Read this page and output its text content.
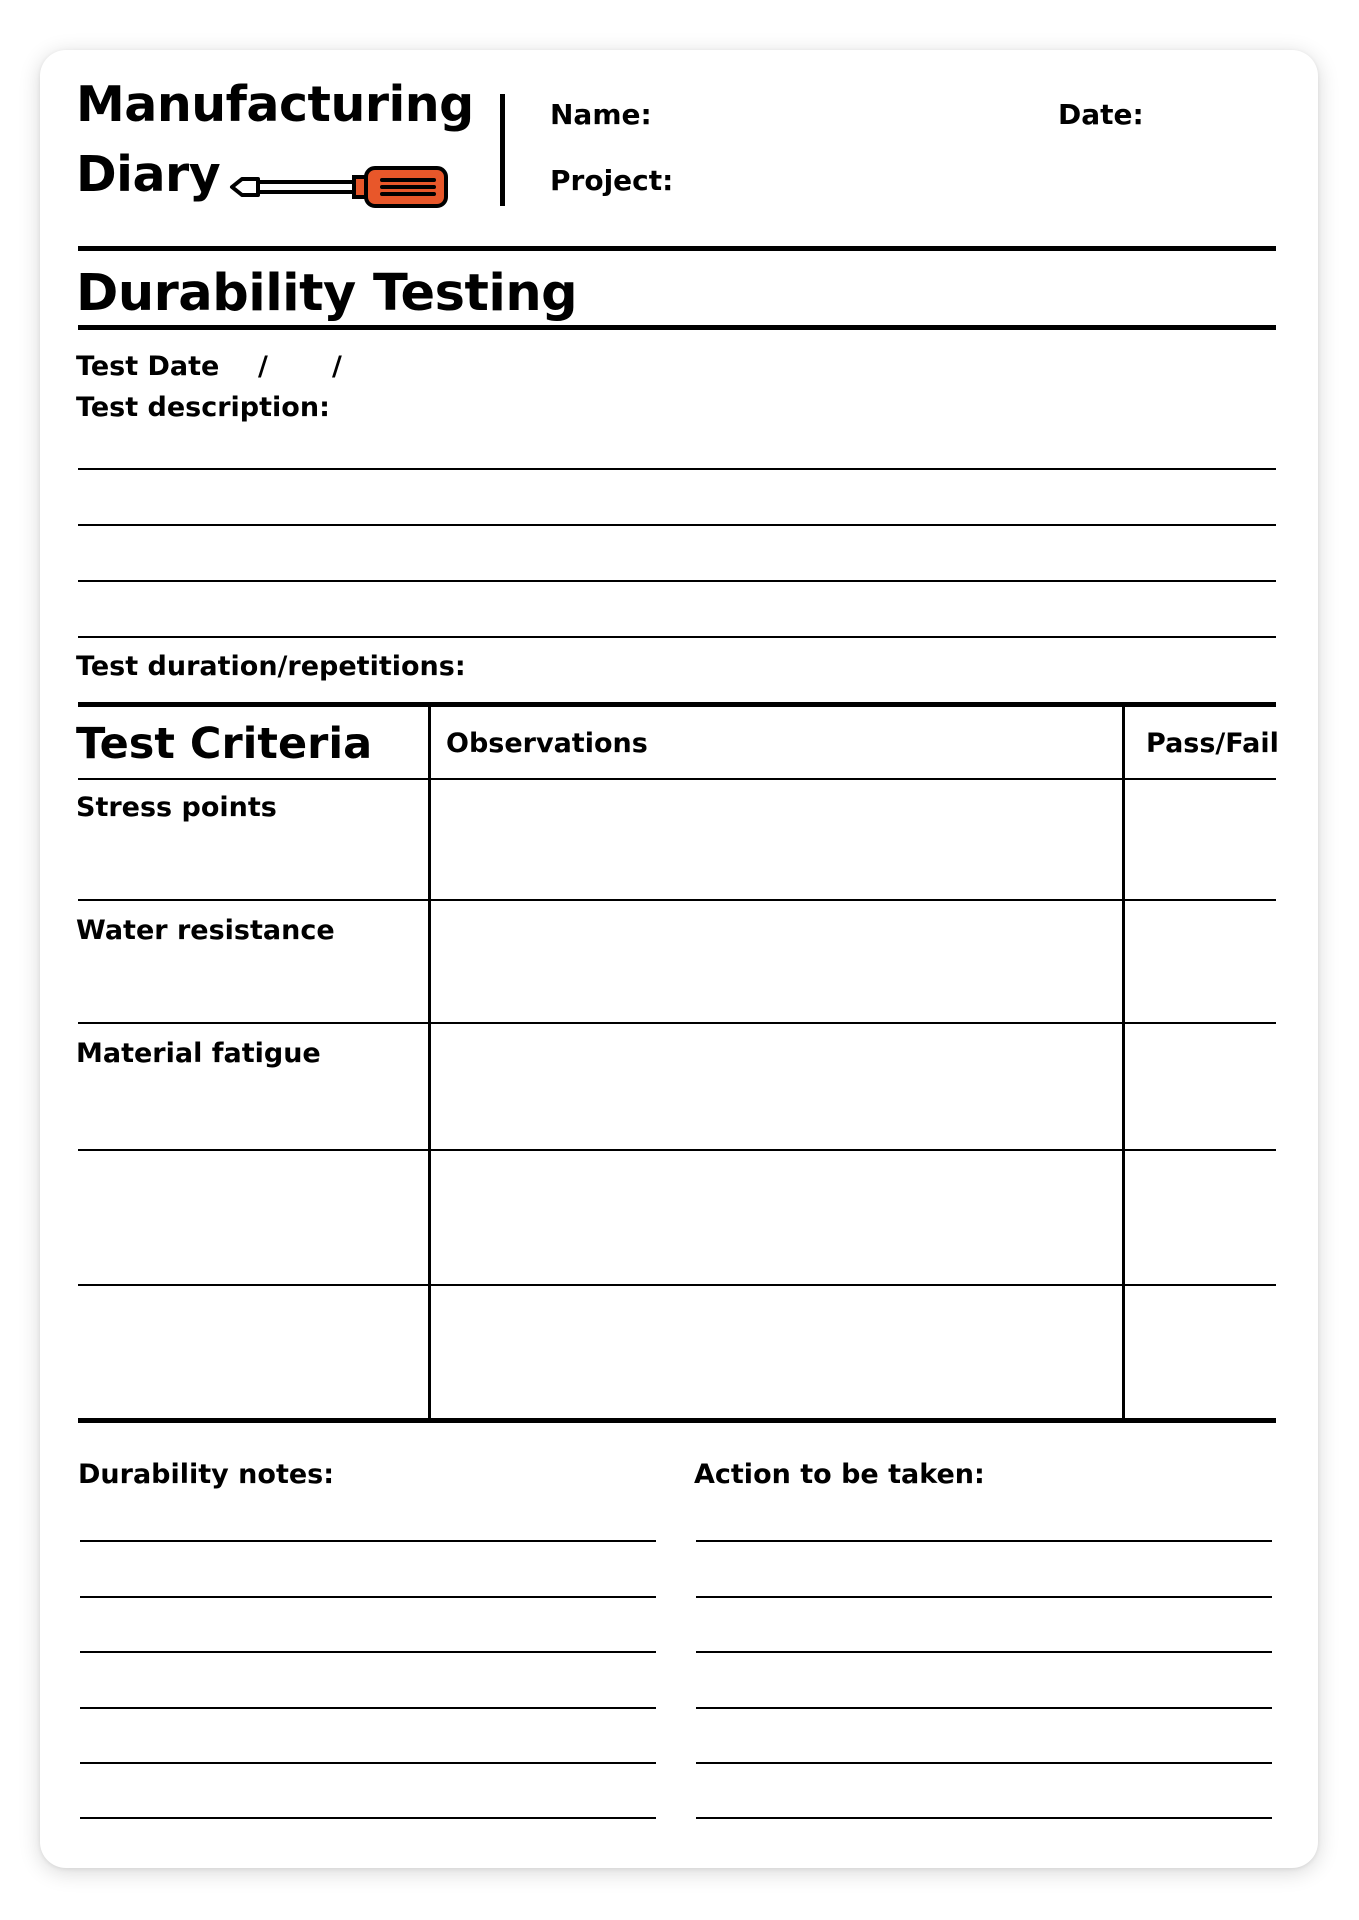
Manufacturing
Diary
Name:	Date:
Project:
Durability Testing
Test Date / /
Test description:
Test duration/repetitions:
Test Criteria	Observations	Pass/Fail
Stress points
Water resistance
Material fatigue
Durability notes:	Action to be taken:
